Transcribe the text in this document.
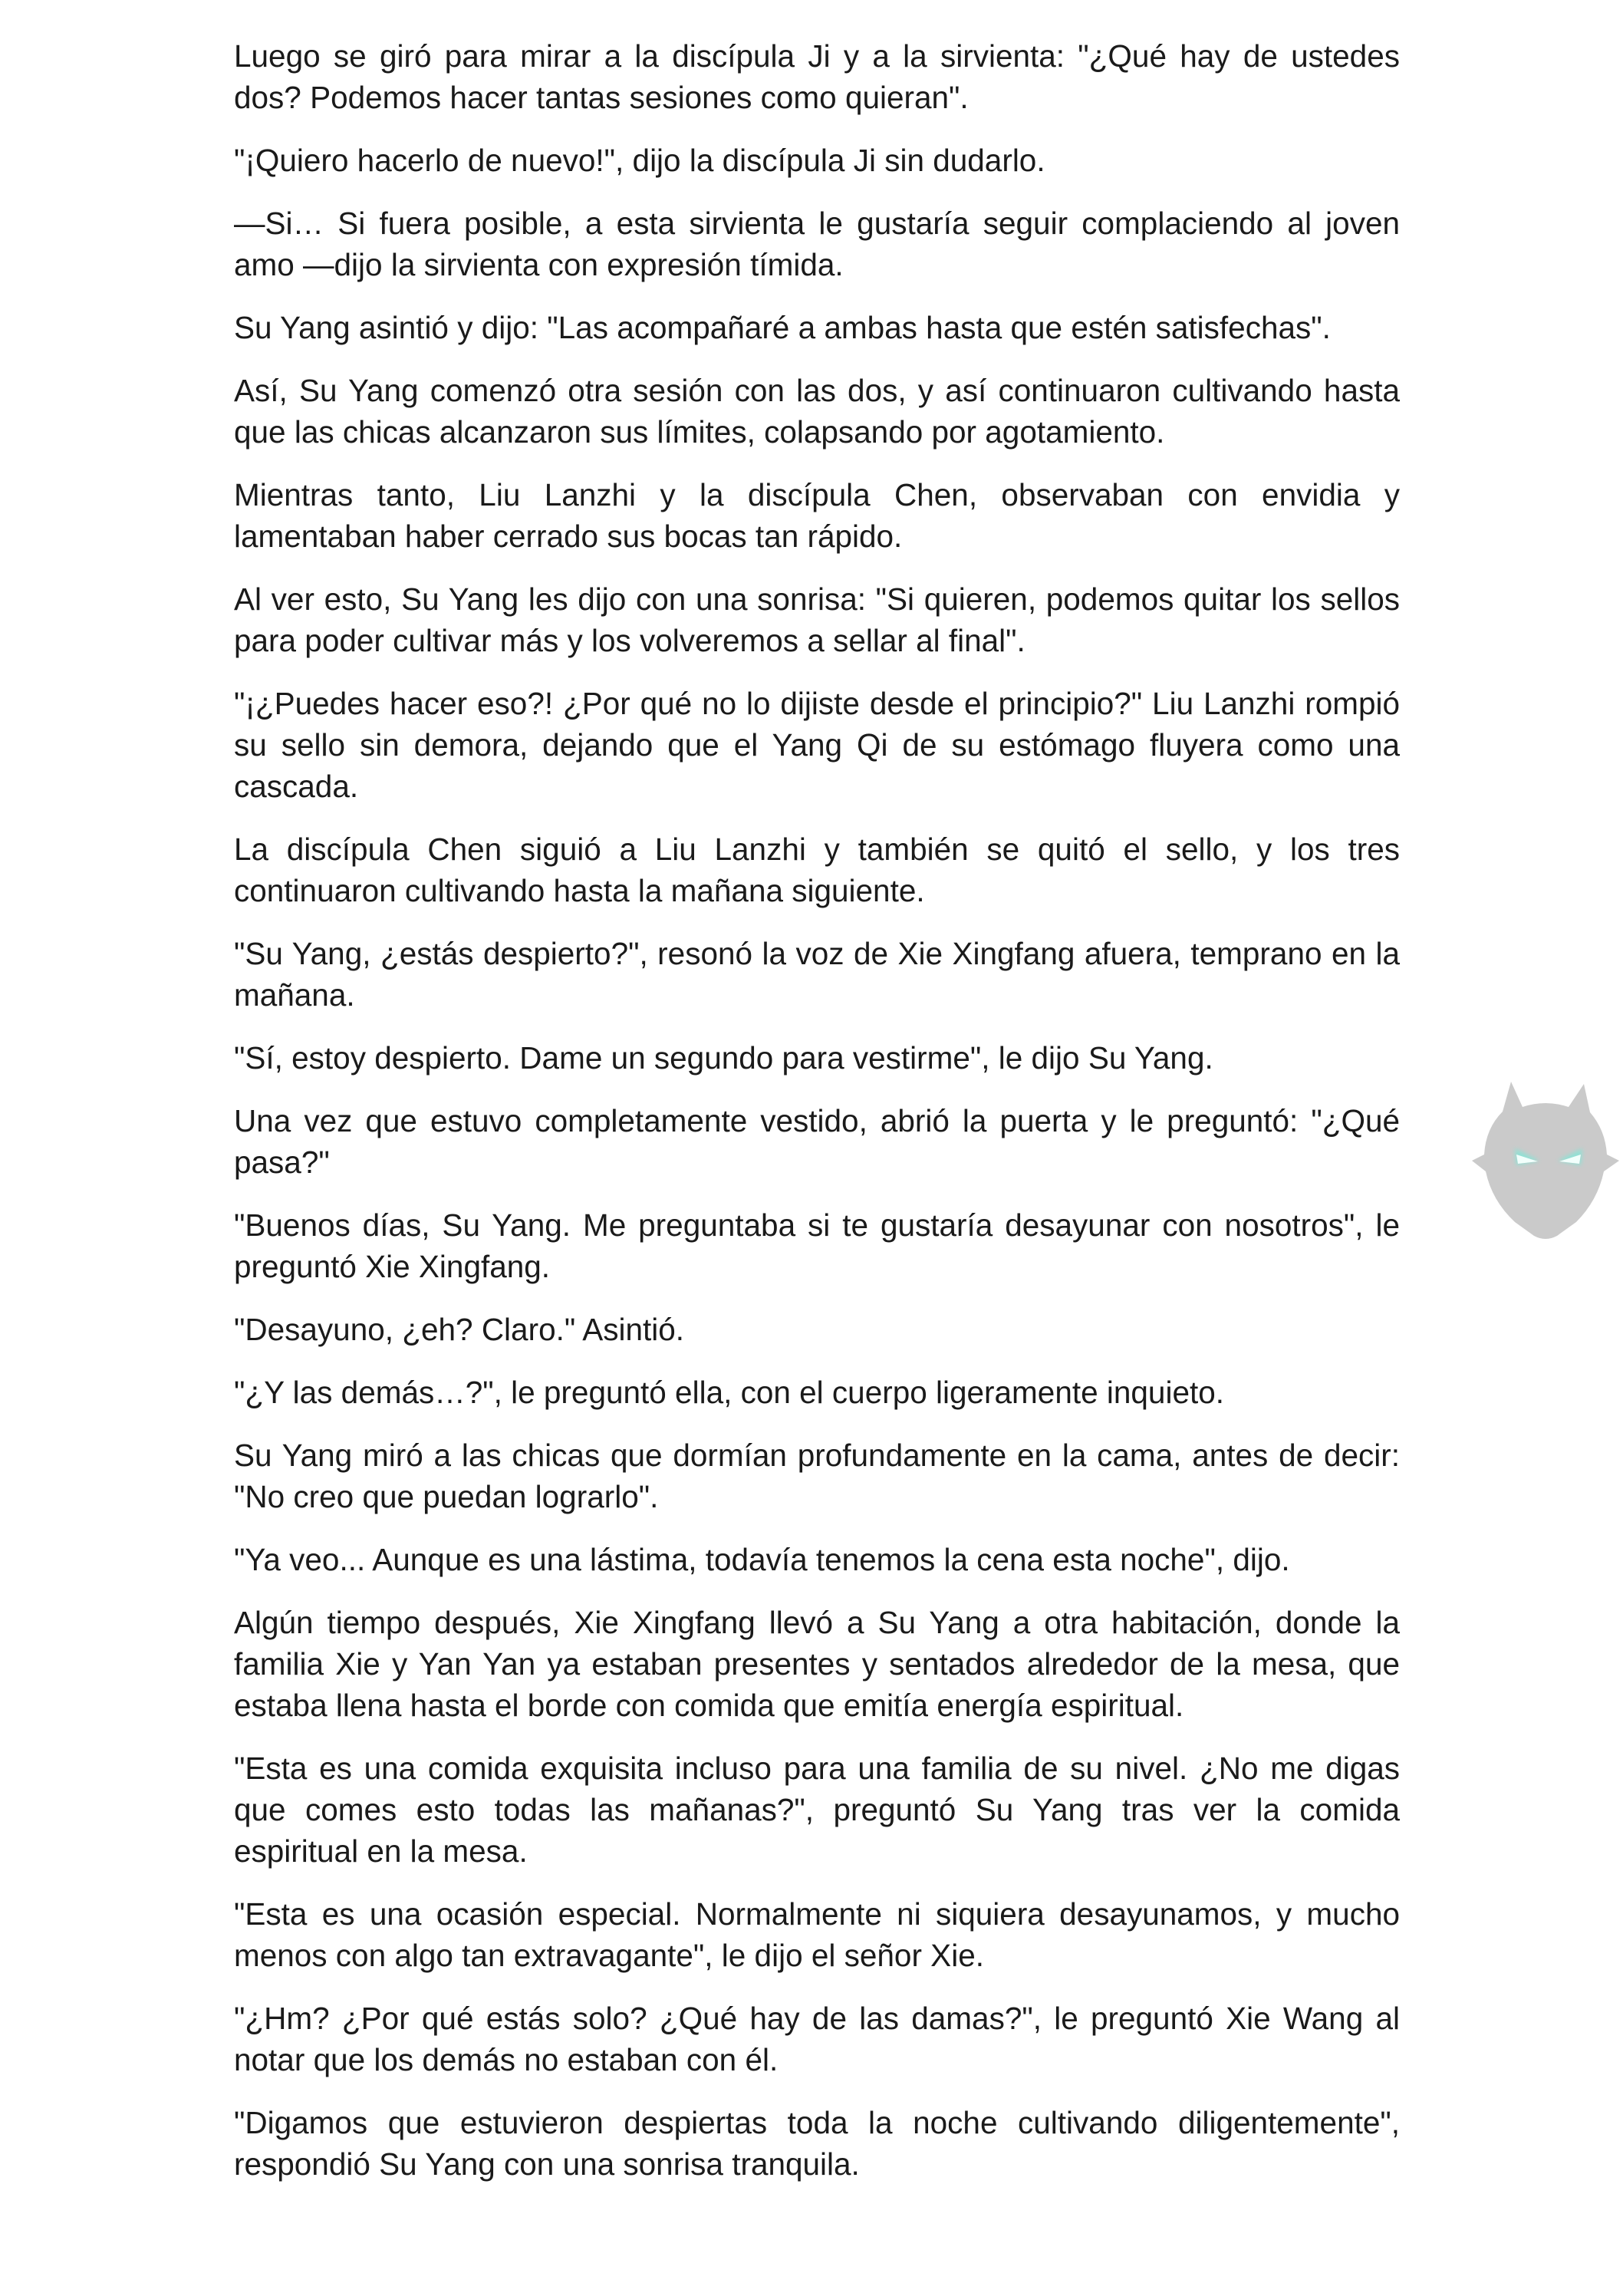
Luego se giró para mirar a la discípula Ji y a la sirvienta: "¿Qué hay de ustedes dos? Podemos hacer tantas sesiones como quieran".

"¡Quiero hacerlo de nuevo!", dijo la discípula Ji sin dudarlo.

—Si… Si fuera posible, a esta sirvienta le gustaría seguir complaciendo al joven amo —dijo la sirvienta con expresión tímida.

Su Yang asintió y dijo: "Las acompañaré a ambas hasta que estén satisfechas".

Así, Su Yang comenzó otra sesión con las dos, y así continuaron cultivando hasta que las chicas alcanzaron sus límites, colapsando por agotamiento.

Mientras tanto, Liu Lanzhi y la discípula Chen, observaban con envidia y lamentaban haber cerrado sus bocas tan rápido.

Al ver esto, Su Yang les dijo con una sonrisa: "Si quieren, podemos quitar los sellos para poder cultivar más y los volveremos a sellar al final".

"¡¿Puedes hacer eso?! ¿Por qué no lo dijiste desde el principio?" Liu Lanzhi rompió su sello sin demora, dejando que el Yang Qi de su estómago fluyera como una cascada.

La discípula Chen siguió a Liu Lanzhi y también se quitó el sello, y los tres continuaron cultivando hasta la mañana siguiente.

"Su Yang, ¿estás despierto?", resonó la voz de Xie Xingfang afuera, temprano en la mañana.

"Sí, estoy despierto. Dame un segundo para vestirme", le dijo Su Yang.

Una vez que estuvo completamente vestido, abrió la puerta y le preguntó: "¿Qué pasa?"

"Buenos días, Su Yang. Me preguntaba si te gustaría desayunar con nosotros", le preguntó Xie Xingfang.

"Desayuno, ¿eh? Claro." Asintió.

"¿Y las demás…?", le preguntó ella, con el cuerpo ligeramente inquieto.

Su Yang miró a las chicas que dormían profundamente en la cama, antes de decir: "No creo que puedan lograrlo".

"Ya veo... Aunque es una lástima, todavía tenemos la cena esta noche", dijo.

Algún tiempo después, Xie Xingfang llevó a Su Yang a otra habitación, donde la familia Xie y Yan Yan ya estaban presentes y sentados alrededor de la mesa, que estaba llena hasta el borde con comida que emitía energía espiritual.

"Esta es una comida exquisita incluso para una familia de su nivel. ¿No me digas que comes esto todas las mañanas?", preguntó Su Yang tras ver la comida espiritual en la mesa.

"Esta es una ocasión especial. Normalmente ni siquiera desayunamos, y mucho menos con algo tan extravagante", le dijo el señor Xie.

"¿Hm? ¿Por qué estás solo? ¿Qué hay de las damas?", le preguntó Xie Wang al notar que los demás no estaban con él.

"Digamos que estuvieron despiertas toda la noche cultivando diligentemente", respondió Su Yang con una sonrisa tranquila.
